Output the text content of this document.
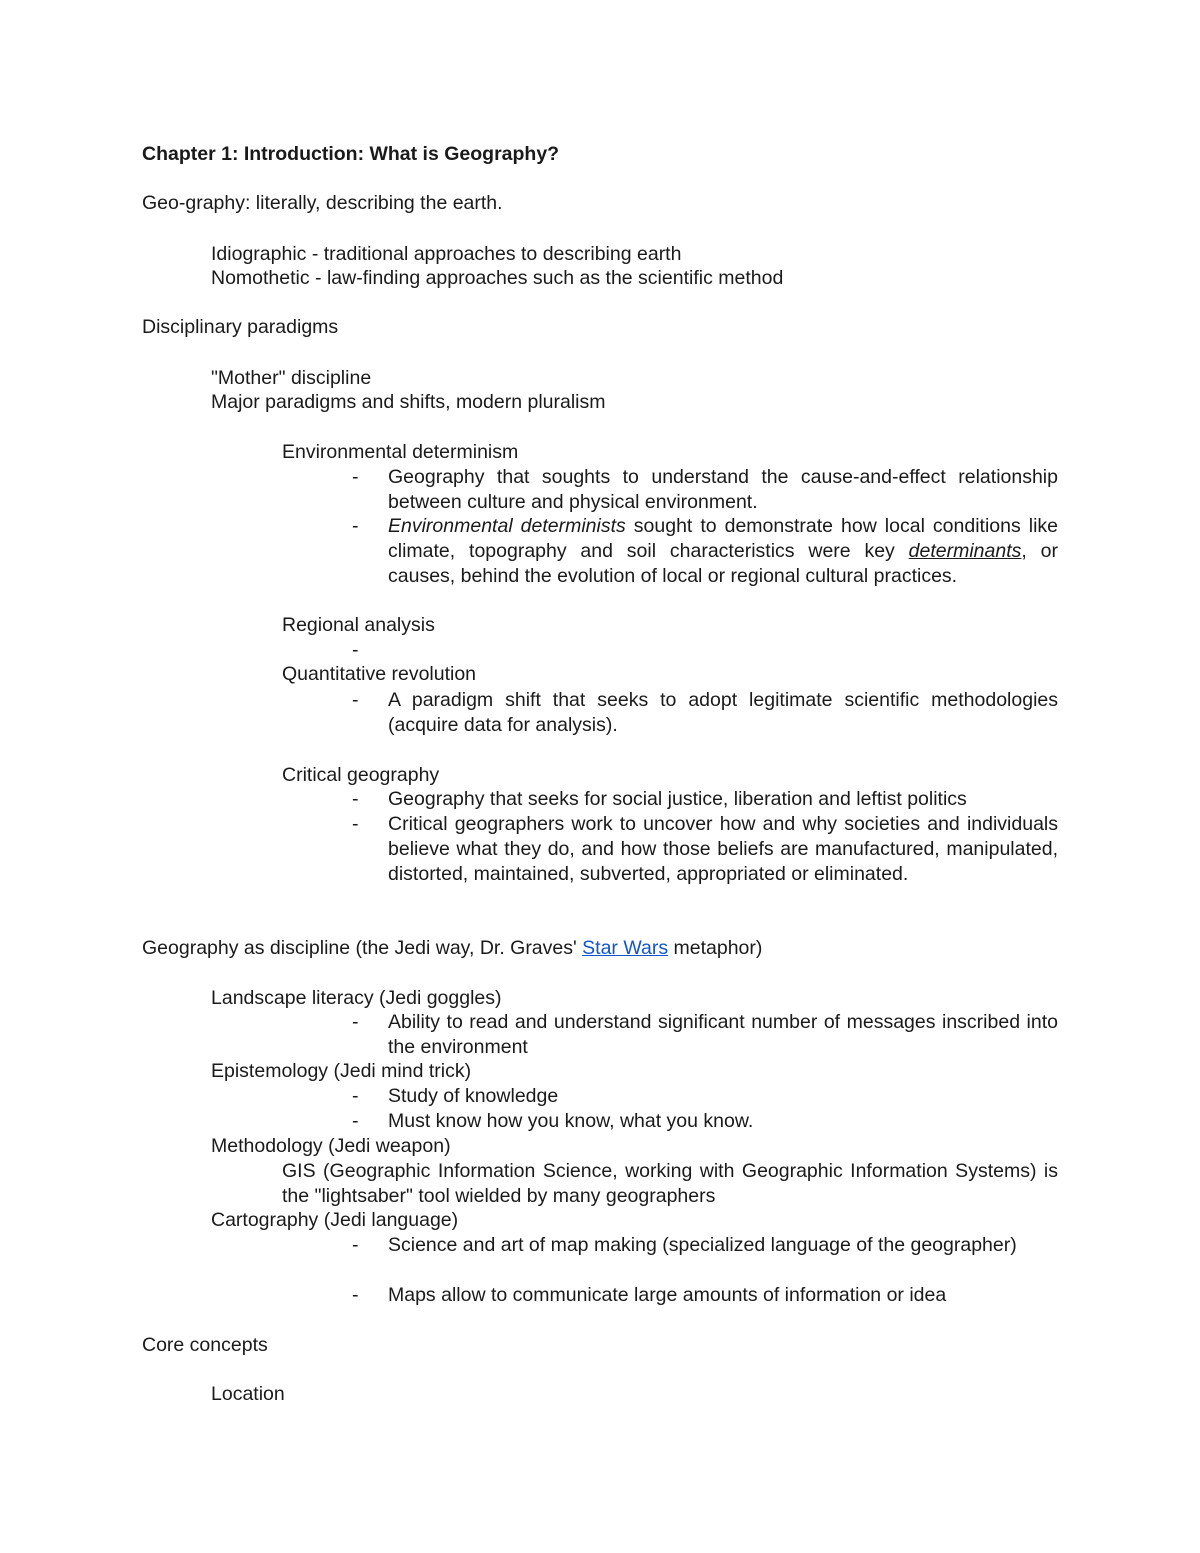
Chapter 1: Introduction: What is Geography?
Geo-graphy: literally, describing the earth.
Idiographic - traditional approaches to describing earth
Nomothetic - law-finding approaches such as the scientific method
Disciplinary paradigms
"Mother" discipline
Major paradigms and shifts, modern pluralism
Environmental determinism
- Geography that soughts to understand the cause-and-effect relationship between culture and physical environment.
- Environmental determinists sought to demonstrate how local conditions like climate, topography and soil characteristics were key determinants, or causes, behind the evolution of local or regional cultural practices.
Regional analysis
-
Quantitative revolution
- A paradigm shift that seeks to adopt legitimate scientific methodologies (acquire data for analysis).
Critical geography
- Geography that seeks for social justice, liberation and leftist politics
- Critical geographers work to uncover how and why societies and individuals believe what they do, and how those beliefs are manufactured, manipulated, distorted, maintained, subverted, appropriated or eliminated.
Geography as discipline (the Jedi way, Dr. Graves' Star Wars metaphor)
Landscape literacy (Jedi goggles)
- Ability to read and understand significant number of messages inscribed into the environment
Epistemology (Jedi mind trick)
- Study of knowledge
- Must know how you know, what you know.
Methodology (Jedi weapon)
GIS (Geographic Information Science, working with Geographic Information Systems) is the "lightsaber" tool wielded by many geographers
Cartography (Jedi language)
- Science and art of map making (specialized language of the geographer)
- Maps allow to communicate large amounts of information or idea
Core concepts
Location
